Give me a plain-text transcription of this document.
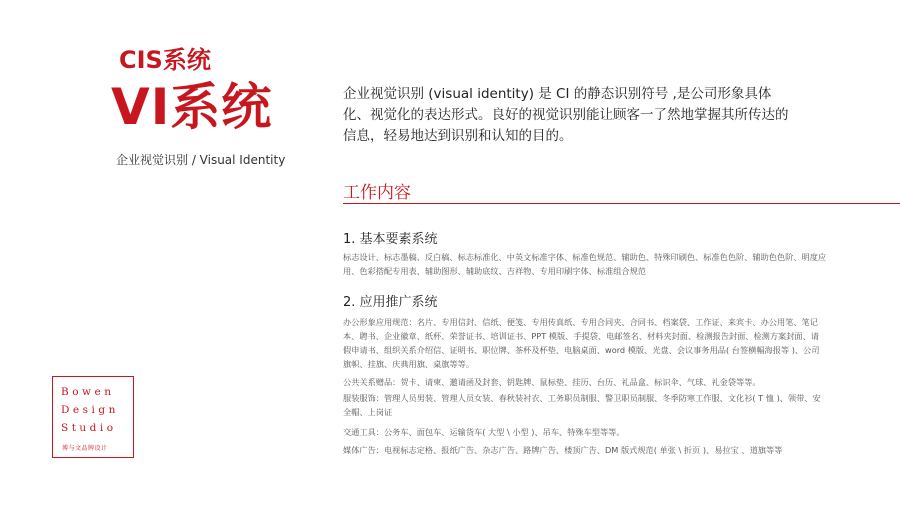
CIS系统
VI系统
企业视觉识别 / Visual Identity
企业视觉识别 (visual identity) 是 CI 的静态识别符号 ,是公司形象具体化、视觉化的表达形式。良好的视觉识别能让顾客一了然地掌握其所传达的信息，轻易地达到识别和认知的目的。
工作内容
1. 基本要素系统
标志设计、标志墨稿、反白稿、标志标准化、中英文标准字体、标准色规范、辅助色、特殊印刷色、标准色色阶、辅助色色阶、明度应用、色彩搭配专用表、辅助图形、辅助底纹、吉祥物、专用印刷字体、标准组合规范
2. 应用推广系统
办公形象应用规范：名片、专用信封、信纸、便笺、专用传真纸、专用合同夹、合同书、档案袋、工作证、来宾卡、办公用笔、笔记本、聘书、企业徽章、纸杯、荣誉证书、培训证书、PPT 模版、手提袋、电邮签名、材料夹封面、检测报告封面、检测方案封面、请假申请书、组织关系介绍信、证明书、职位牌、茶杯及杯垫、电脑桌面、word 模版、光盘、会议事务用品( 台签横幅海报等 )、公司旗帜、挂旗、庆典用旗、桌旗等等。
公共关系赠品：贺卡、请柬、邀请函及封套、钥匙牌、鼠标垫、挂历、台历、礼品盒、标识伞、气球、礼金袋等等。
服装服饰：管理人员男装、管理人员女装、春秋装衬衣、工务职员制服、警卫职员制服、冬季防寒工作服、文化衫( T 恤 )、领带、安全帽、上岗证
交通工具：公务车、面包车、运输货车( 大型 \ 小型 )、吊车、特殊车型等等。
媒体广告：电视标志定格、报纸广告、杂志广告、路牌广告、楼顶广告、DM 版式规范( 单张 \ 折页 )、易拉宝 、道旗等等
Bowen
Design
Studio
博与文品牌设计
